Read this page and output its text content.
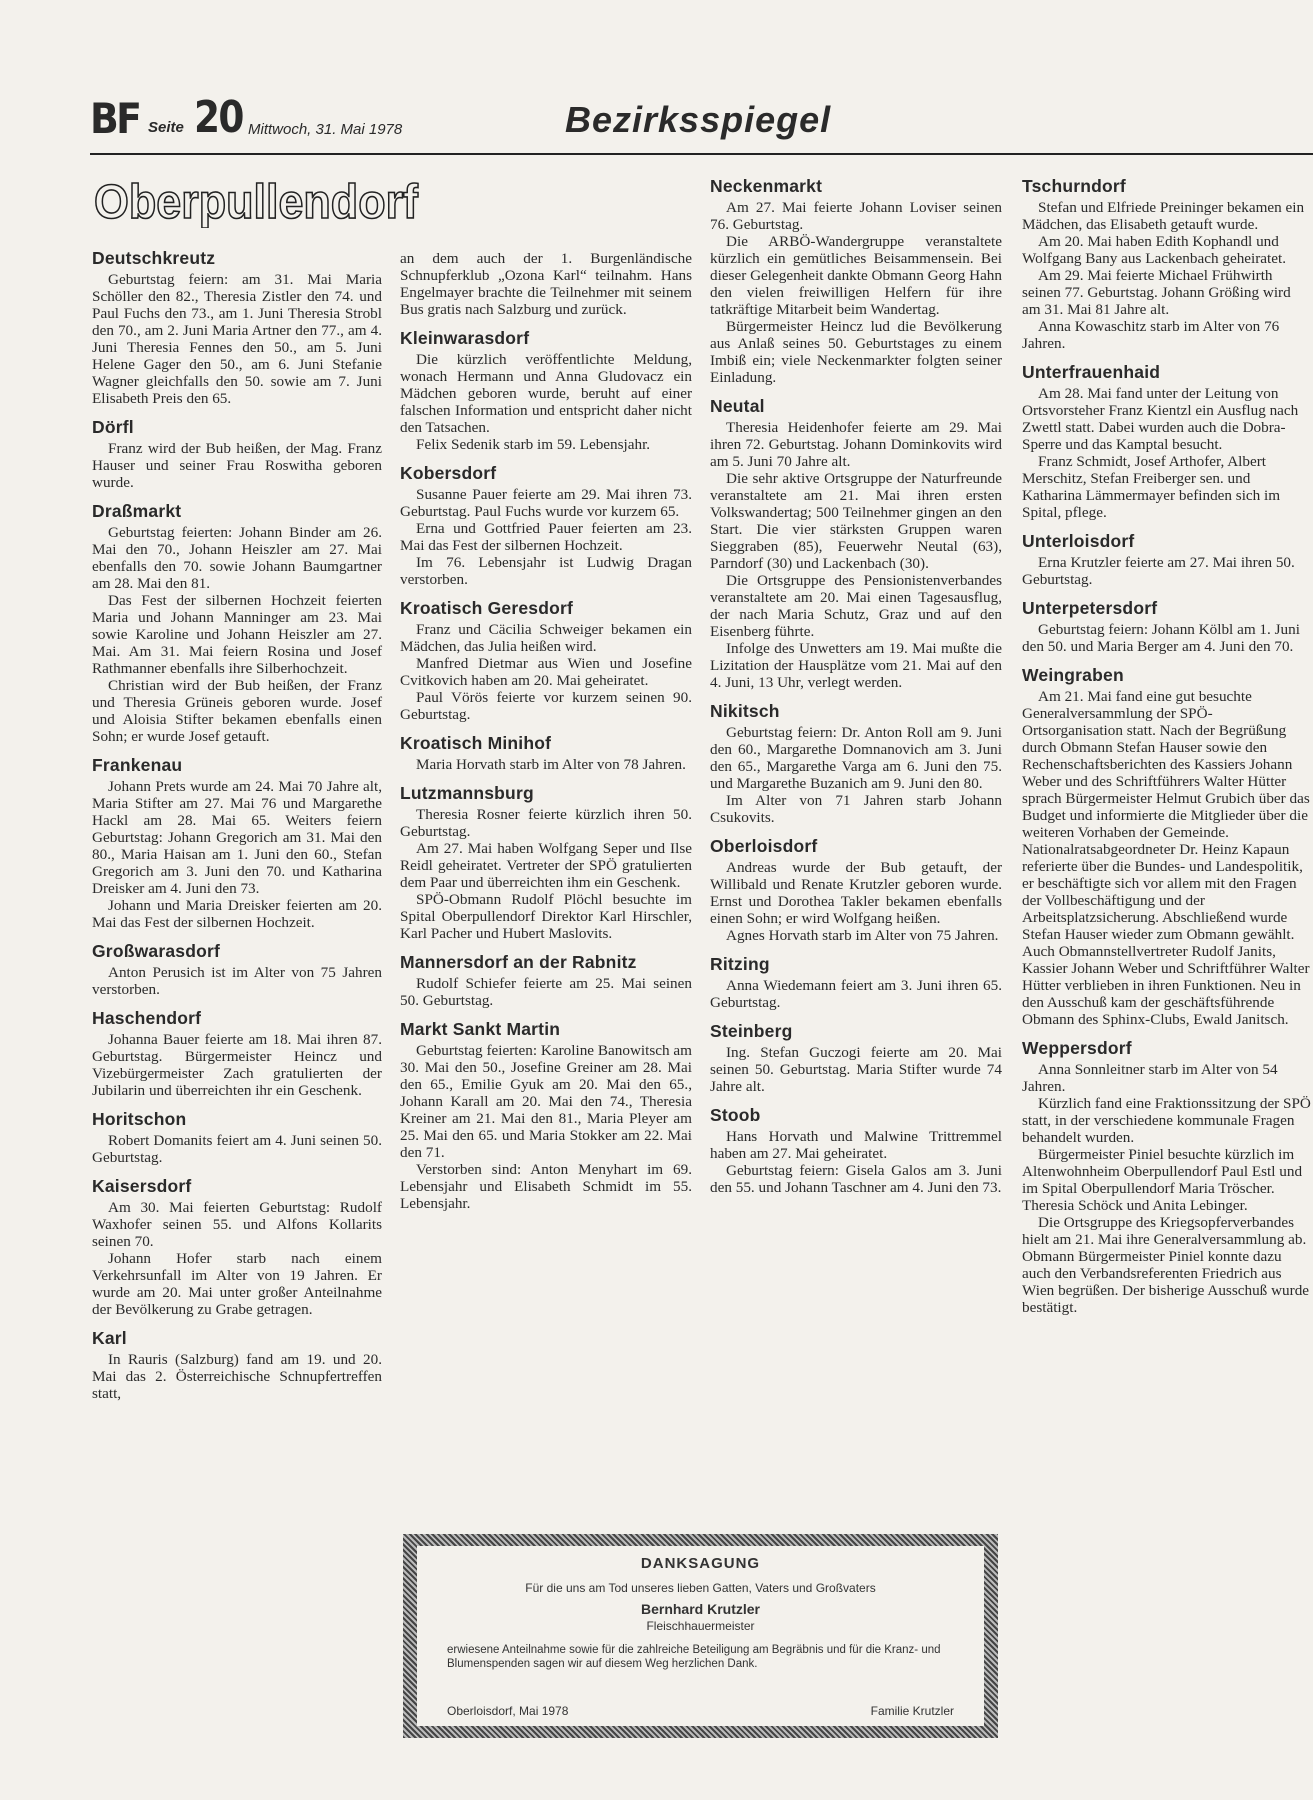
BF Seite 20 Mittwoch, 31. Mai 1978	Bezirksspiegel
Oberpullendorf
Deutschkreutz

Geburtstag feiern: am 31. Mai Maria Schöller den 82., Theresia Zistler den 74. und Paul Fuchs den 73., am 1. Juni Theresia Strobl den 70., am 2. Juni Maria Artner den 77., am 4. Juni Theresia Fennes den 50., am 5. Juni Helene Gager den 50., am 6. Juni Stefanie Wagner gleichfalls den 50. sowie am 7. Juni Elisabeth Preis den 65.

Dörfl

Franz wird der Bub heißen, der Mag. Franz Hauser und seiner Frau Roswitha geboren wurde.

Draßmarkt

Geburtstag feierten: Johann Binder am 26. Mai den 70., Johann Heiszler am 27. Mai ebenfalls den 70. sowie Johann Baumgartner am 28. Mai den 81.

Das Fest der silbernen Hochzeit feierten Maria und Johann Manninger am 23. Mai sowie Karoline und Johann Heiszler am 27. Mai. Am 31. Mai feiern Rosina und Josef Rathmanner ebenfalls ihre Silberhochzeit.

Christian wird der Bub heißen, der Franz und Theresia Grüneis geboren wurde. Josef und Aloisia Stifter bekamen ebenfalls einen Sohn; er wurde Josef getauft.

Frankenau

Johann Prets wurde am 24. Mai 70 Jahre alt, Maria Stifter am 27. Mai 76 und Margarethe Hackl am 28. Mai 65. Weiters feiern Geburtstag: Johann Gregorich am 31. Mai den 80., Maria Haisan am 1. Juni den 60., Stefan Gregorich am 3. Juni den 70. und Katharina Dreisker am 4. Juni den 73.

Johann und Maria Dreisker feierten am 20. Mai das Fest der silbernen Hochzeit.

Großwarasdorf

Anton Perusich ist im Alter von 75 Jahren verstorben.

Haschendorf

Johanna Bauer feierte am 18. Mai ihren 87. Geburtstag. Bürgermeister Heincz und Vizebürgermeister Zach gratulierten der Jubilarin und überreichten ihr ein Geschenk.

Horitschon

Robert Domanits feiert am 4. Juni seinen 50. Geburtstag.

Kaisersdorf

Am 30. Mai feierten Geburtstag: Rudolf Waxhofer seinen 55. und Alfons Kollarits seinen 70.

Johann Hofer starb nach einem Verkehrsunfall im Alter von 19 Jahren. Er wurde am 20. Mai unter großer Anteilnahme der Bevölkerung zu Grabe getragen.

Karl

In Rauris (Salzburg) fand am 19. und 20. Mai das 2. Österreichische Schnupfertreffen statt,

an dem auch der 1. Burgenländische Schnupferklub „Ozona Karl“ teilnahm. Hans Engelmayer brachte die Teilnehmer mit seinem Bus gratis nach Salzburg und zurück.

Kleinwarasdorf

Die kürzlich veröffentlichte Meldung, wonach Hermann und Anna Gludovacz ein Mädchen geboren wurde, beruht auf einer falschen Information und entspricht daher nicht den Tatsachen.

Felix Sedenik starb im 59. Lebensjahr.

Kobersdorf

Susanne Pauer feierte am 29. Mai ihren 73. Geburtstag. Paul Fuchs wurde vor kurzem 65.

Erna und Gottfried Pauer feierten am 23. Mai das Fest der silbernen Hochzeit.

Im 76. Lebensjahr ist Ludwig Dragan verstorben.

Kroatisch Geresdorf

Franz und Cäcilia Schweiger bekamen ein Mädchen, das Julia heißen wird.

Manfred Dietmar aus Wien und Josefine Cvitkovich haben am 20. Mai geheiratet.

Paul Vörös feierte vor kurzem seinen 90. Geburtstag.

Kroatisch Minihof

Maria Horvath starb im Alter von 78 Jahren.

Lutzmannsburg

Theresia Rosner feierte kürzlich ihren 50. Geburtstag.

Am 27. Mai haben Wolfgang Seper und Ilse Reidl geheiratet. Vertreter der SPÖ gratulierten dem Paar und überreichten ihm ein Geschenk.

SPÖ-Obmann Rudolf Plöchl besuchte im Spital Oberpullendorf Direktor Karl Hirschler, Karl Pacher und Hubert Maslovits.

Mannersdorf an der Rabnitz

Rudolf Schiefer feierte am 25. Mai seinen 50. Geburtstag.

Markt Sankt Martin

Geburtstag feierten: Karoline Banowitsch am 30. Mai den 50., Josefine Greiner am 28. Mai den 65., Emilie Gyuk am 20. Mai den 65., Johann Karall am 20. Mai den 74., Theresia Kreiner am 21. Mai den 81., Maria Pleyer am 25. Mai den 65. und Maria Stokker am 22. Mai den 71.

Verstorben sind: Anton Menyhart im 69. Lebensjahr und Elisabeth Schmidt im 55. Lebensjahr.

Neckenmarkt

Am 27. Mai feierte Johann Loviser seinen 76. Geburtstag.

Die ARBÖ-Wandergruppe veranstaltete kürzlich ein gemütliches Beisammensein. Bei dieser Gelegenheit dankte Obmann Georg Hahn den vielen freiwilligen Helfern für ihre tatkräftige Mitarbeit beim Wandertag.

Bürgermeister Heincz lud die Bevölkerung aus Anlaß seines 50. Geburtstages zu einem Imbiß ein; viele Neckenmarkter folgten seiner Einladung.

Neutal

Theresia Heidenhofer feierte am 29. Mai ihren 72. Geburtstag. Johann Dominkovits wird am 5. Juni 70 Jahre alt.

Die sehr aktive Ortsgruppe der Naturfreunde veranstaltete am 21. Mai ihren ersten Volkswandertag; 500 Teilnehmer gingen an den Start. Die vier stärksten Gruppen waren Sieggraben (85), Feuerwehr Neutal (63), Parndorf (30) und Lackenbach (30).

Die Ortsgruppe des Pensionistenverbandes veranstaltete am 20. Mai einen Tagesausflug, der nach Maria Schutz, Graz und auf den Eisenberg führte.

Infolge des Unwetters am 19. Mai mußte die Lizitation der Hausplätze vom 21. Mai auf den 4. Juni, 13 Uhr, verlegt werden.

Nikitsch

Geburtstag feiern: Dr. Anton Roll am 9. Juni den 60., Margarethe Domnanovich am 3. Juni den 65., Margarethe Varga am 6. Juni den 75. und Margarethe Buzanich am 9. Juni den 80.

Im Alter von 71 Jahren starb Johann Csukovits.

Oberloisdorf

Andreas wurde der Bub getauft, der Willibald und Renate Krutzler geboren wurde. Ernst und Dorothea Takler bekamen ebenfalls einen Sohn; er wird Wolfgang heißen.

Agnes Horvath starb im Alter von 75 Jahren.

Ritzing

Anna Wiedemann feiert am 3. Juni ihren 65. Geburtstag.

Steinberg

Ing. Stefan Guczogi feierte am 20. Mai seinen 50. Geburtstag. Maria Stifter wurde 74 Jahre alt.

Stoob

Hans Horvath und Malwine Trittremmel haben am 27. Mai geheiratet.

Geburtstag feiern: Gisela Galos am 3. Juni den 55. und Johann Taschner am 4. Juni den 73.

Tschurndorf

Stefan und Elfriede Preininger bekamen ein Mädchen, das Elisabeth getauft wurde.

Am 20. Mai haben Edith Kophandl und Wolfgang Bany aus Lackenbach geheiratet.

Am 29. Mai feierte Michael Frühwirth seinen 77. Geburtstag. Johann Größing wird am 31. Mai 81 Jahre alt.

Anna Kowaschitz starb im Alter von 76 Jahren.

Unterfrauenhaid

Am 28. Mai fand unter der Leitung von Ortsvorsteher Franz Kientzl ein Ausflug nach Zwettl statt. Dabei wurden auch die Dobra-Sperre und das Kamptal besucht.

Franz Schmidt, Josef Arthofer, Albert Merschitz, Stefan Freiberger sen. und Katharina Lämmermayer befinden sich im Spital, pflege.

Unterloisdorf

Erna Krutzler feierte am 27. Mai ihren 50. Geburtstag.

Unterpetersdorf

Geburtstag feiern: Johann Kölbl am 1. Juni den 50. und Maria Berger am 4. Juni den 70.

Weingraben

Am 21. Mai fand eine gut besuchte Generalversammlung der SPÖ-Ortsorganisation statt. Nach der Begrüßung durch Obmann Stefan Hauser sowie den Rechenschaftsberichten des Kassiers Johann Weber und des Schriftführers Walter Hütter sprach Bürgermeister Helmut Grubich über das Budget und informierte die Mitglieder über die weiteren Vorhaben der Gemeinde. Nationalratsabgeordneter Dr. Heinz Kapaun referierte über die Bundes- und Landespolitik, er beschäftigte sich vor allem mit den Fragen der Vollbeschäftigung und der Arbeitsplatzsicherung. Abschließend wurde Stefan Hauser wieder zum Obmann gewählt. Auch Obmannstellvertreter Rudolf Janits, Kassier Johann Weber und Schriftführer Walter Hütter verblieben in ihren Funktionen. Neu in den Ausschuß kam der geschäftsführende Obmann des Sphinx-Clubs, Ewald Janitsch.

Weppersdorf

Anna Sonnleitner starb im Alter von 54 Jahren.

Kürzlich fand eine Fraktionssitzung der SPÖ statt, in der verschiedene kommunale Fragen behandelt wurden.

Bürgermeister Piniel besuchte kürzlich im Altenwohnheim Oberpullendorf Paul Estl und im Spital Oberpullendorf Maria Tröscher. Theresia Schöck und Anita Lebinger.

Die Ortsgruppe des Kriegsopferverbandes hielt am 21. Mai ihre Generalversammlung ab. Obmann Bürgermeister Piniel konnte dazu auch den Verbandsreferenten Friedrich aus Wien begrüßen. Der bisherige Ausschuß wurde bestätigt.

DANKSAGUNG
Für die uns am Tod unseres lieben Gatten, Vaters und Großvaters
Bernhard Krutzler
Fleischhauermeister
erwiesene Anteilnahme sowie für die zahlreiche Beteiligung am Begräbnis und für die Kranz- und Blumenspenden sagen wir auf diesem Weg herzlichen Dank.
Oberloisdorf, Mai 1978	Familie Krutzler
